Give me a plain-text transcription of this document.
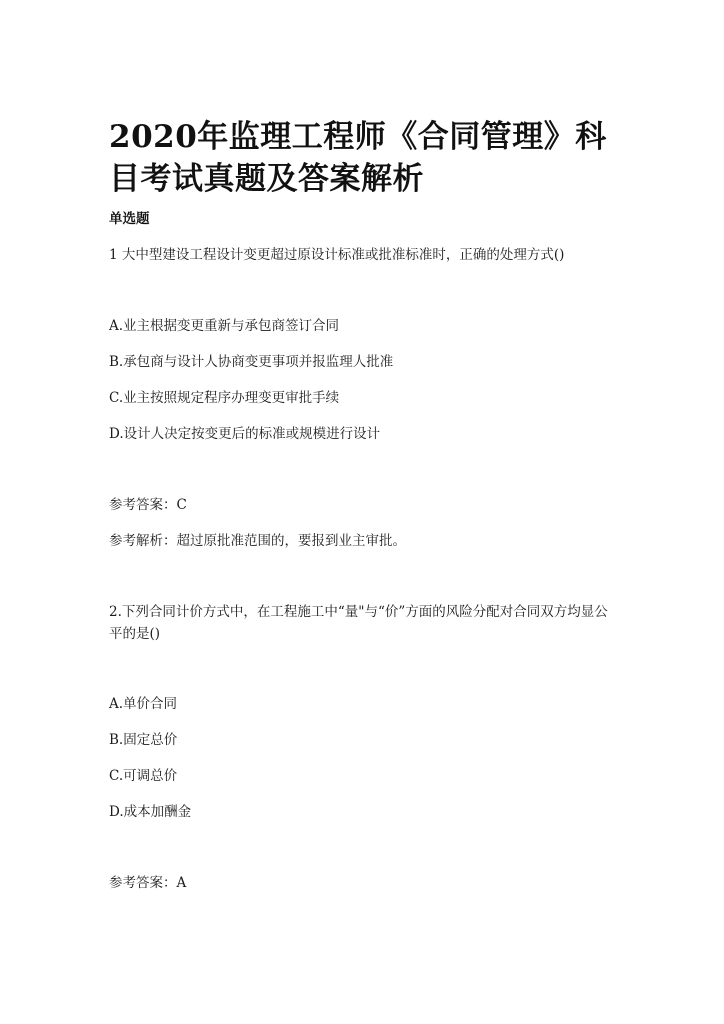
2020年监理工程师《合同管理》科目考试真题及答案解析
单选题
1 大中型建设工程设计变更超过原设计标准或批准标准时，正确的处理方式()
A.业主根据变更重新与承包商签订合同
B.承包商与设计人协商变更事项并报监理人批准
C.业主按照规定程序办理变更审批手续
D.设计人决定按变更后的标准或规模进行设计
参考答案：C
参考解析：超过原批准范围的，要报到业主审批。
2.下列合同计价方式中，在工程施工中“量"与“价”方面的风险分配对合同双方均显公平的是()
A.单价合同
B.固定总价
C.可调总价
D.成本加酬金
参考答案：A
